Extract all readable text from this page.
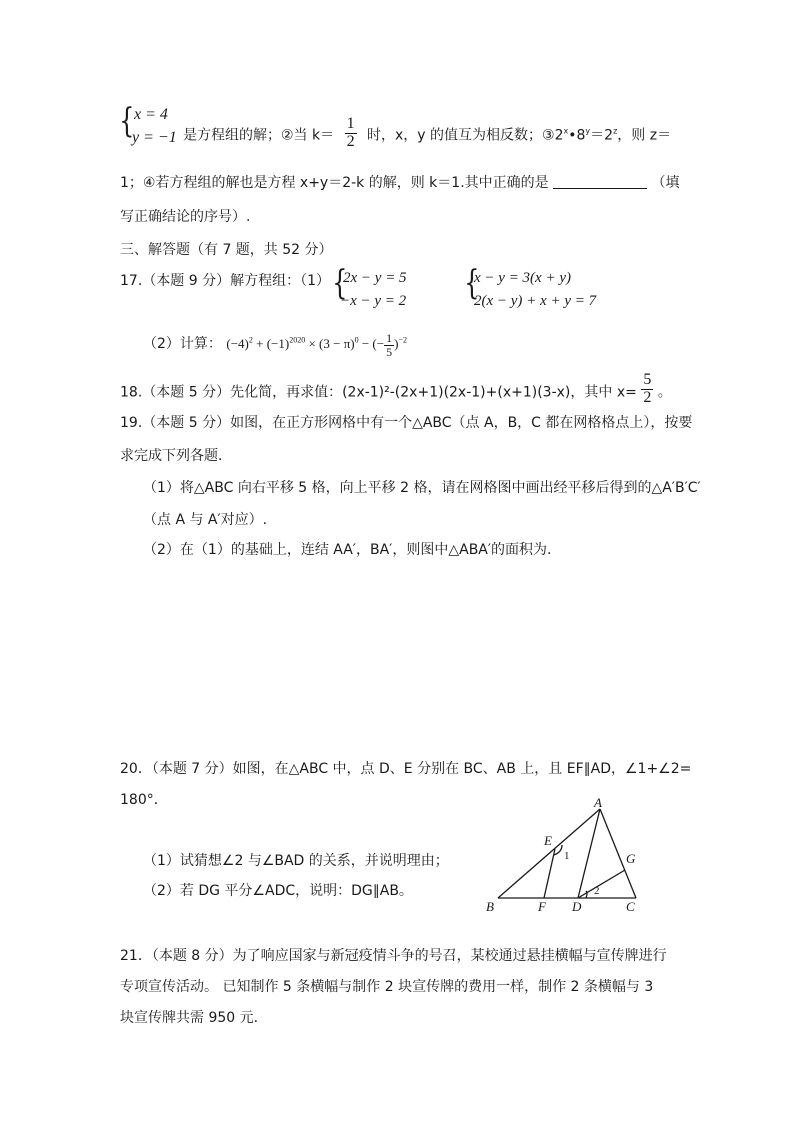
{ x = 4
y = −1 是方程组的解；②当 $k= \frac{1}{2}$ 时，x，y 的值互为相反数；$③2^x•8^y=2^z$，则 z＝
1；④若方程组的解也是方程 x+y＝2-k 的解，则 k＝1.其中正确的是	（填
写正确结论的序号）.
三、解答题（有 7 题，共 52 分）
17.（本题 9 分）解方程组：（1） {
2x − y = 5
−x − y = 2 {
x − y = 3(x + y)
2(x − y) + x + y = 7
（2）计算： $(-4)^2 + (-1)^{2020} \times (3 - \pi)^0$ − (− $\frac{1}{5} )^{-2}$
18.（本题 5 分）先化简，再求值：(2x-1)²-(2x+1)(2x-1)+(x+1)(3-x)，其中 $x= \frac{5}{2}$ 。
19.（本题 5 分）如图，在正方形网格中有一个△ABC（点 A，B，C 都在网格格点上），按要
求完成下列各题．
（1）将△ABC 向右平移 5 格，向上平移 2 格，请在网格图中画出经平移后得到的△A′B′C′
（点 A 与 A′对应）.
（2）在（1）的基础上，连结 AA′，BA′，则图中△ABA′的面积为.
20．（本题 7 分）如图，在△ABC 中，点 D、E 分别在 BC、AB 上，且 EF∥AD，∠1+∠2=
180°．
（1）试猜想∠2 与∠BAD 的关系，并说明理由；
（2）若 DG 平分∠ADC，说明：DG∥AB。
A
B	C
D
E
F
G
1
2
21．（本题 8 分）为了响应国家与新冠疫情斗争的号召，某校通过悬挂横幅与宣传牌进行
专项宣传活动。 已知制作 5 条横幅与制作 2 块宣传牌的费用一样，制作 2 条横幅与 3
块宣传牌共需 950 元.
